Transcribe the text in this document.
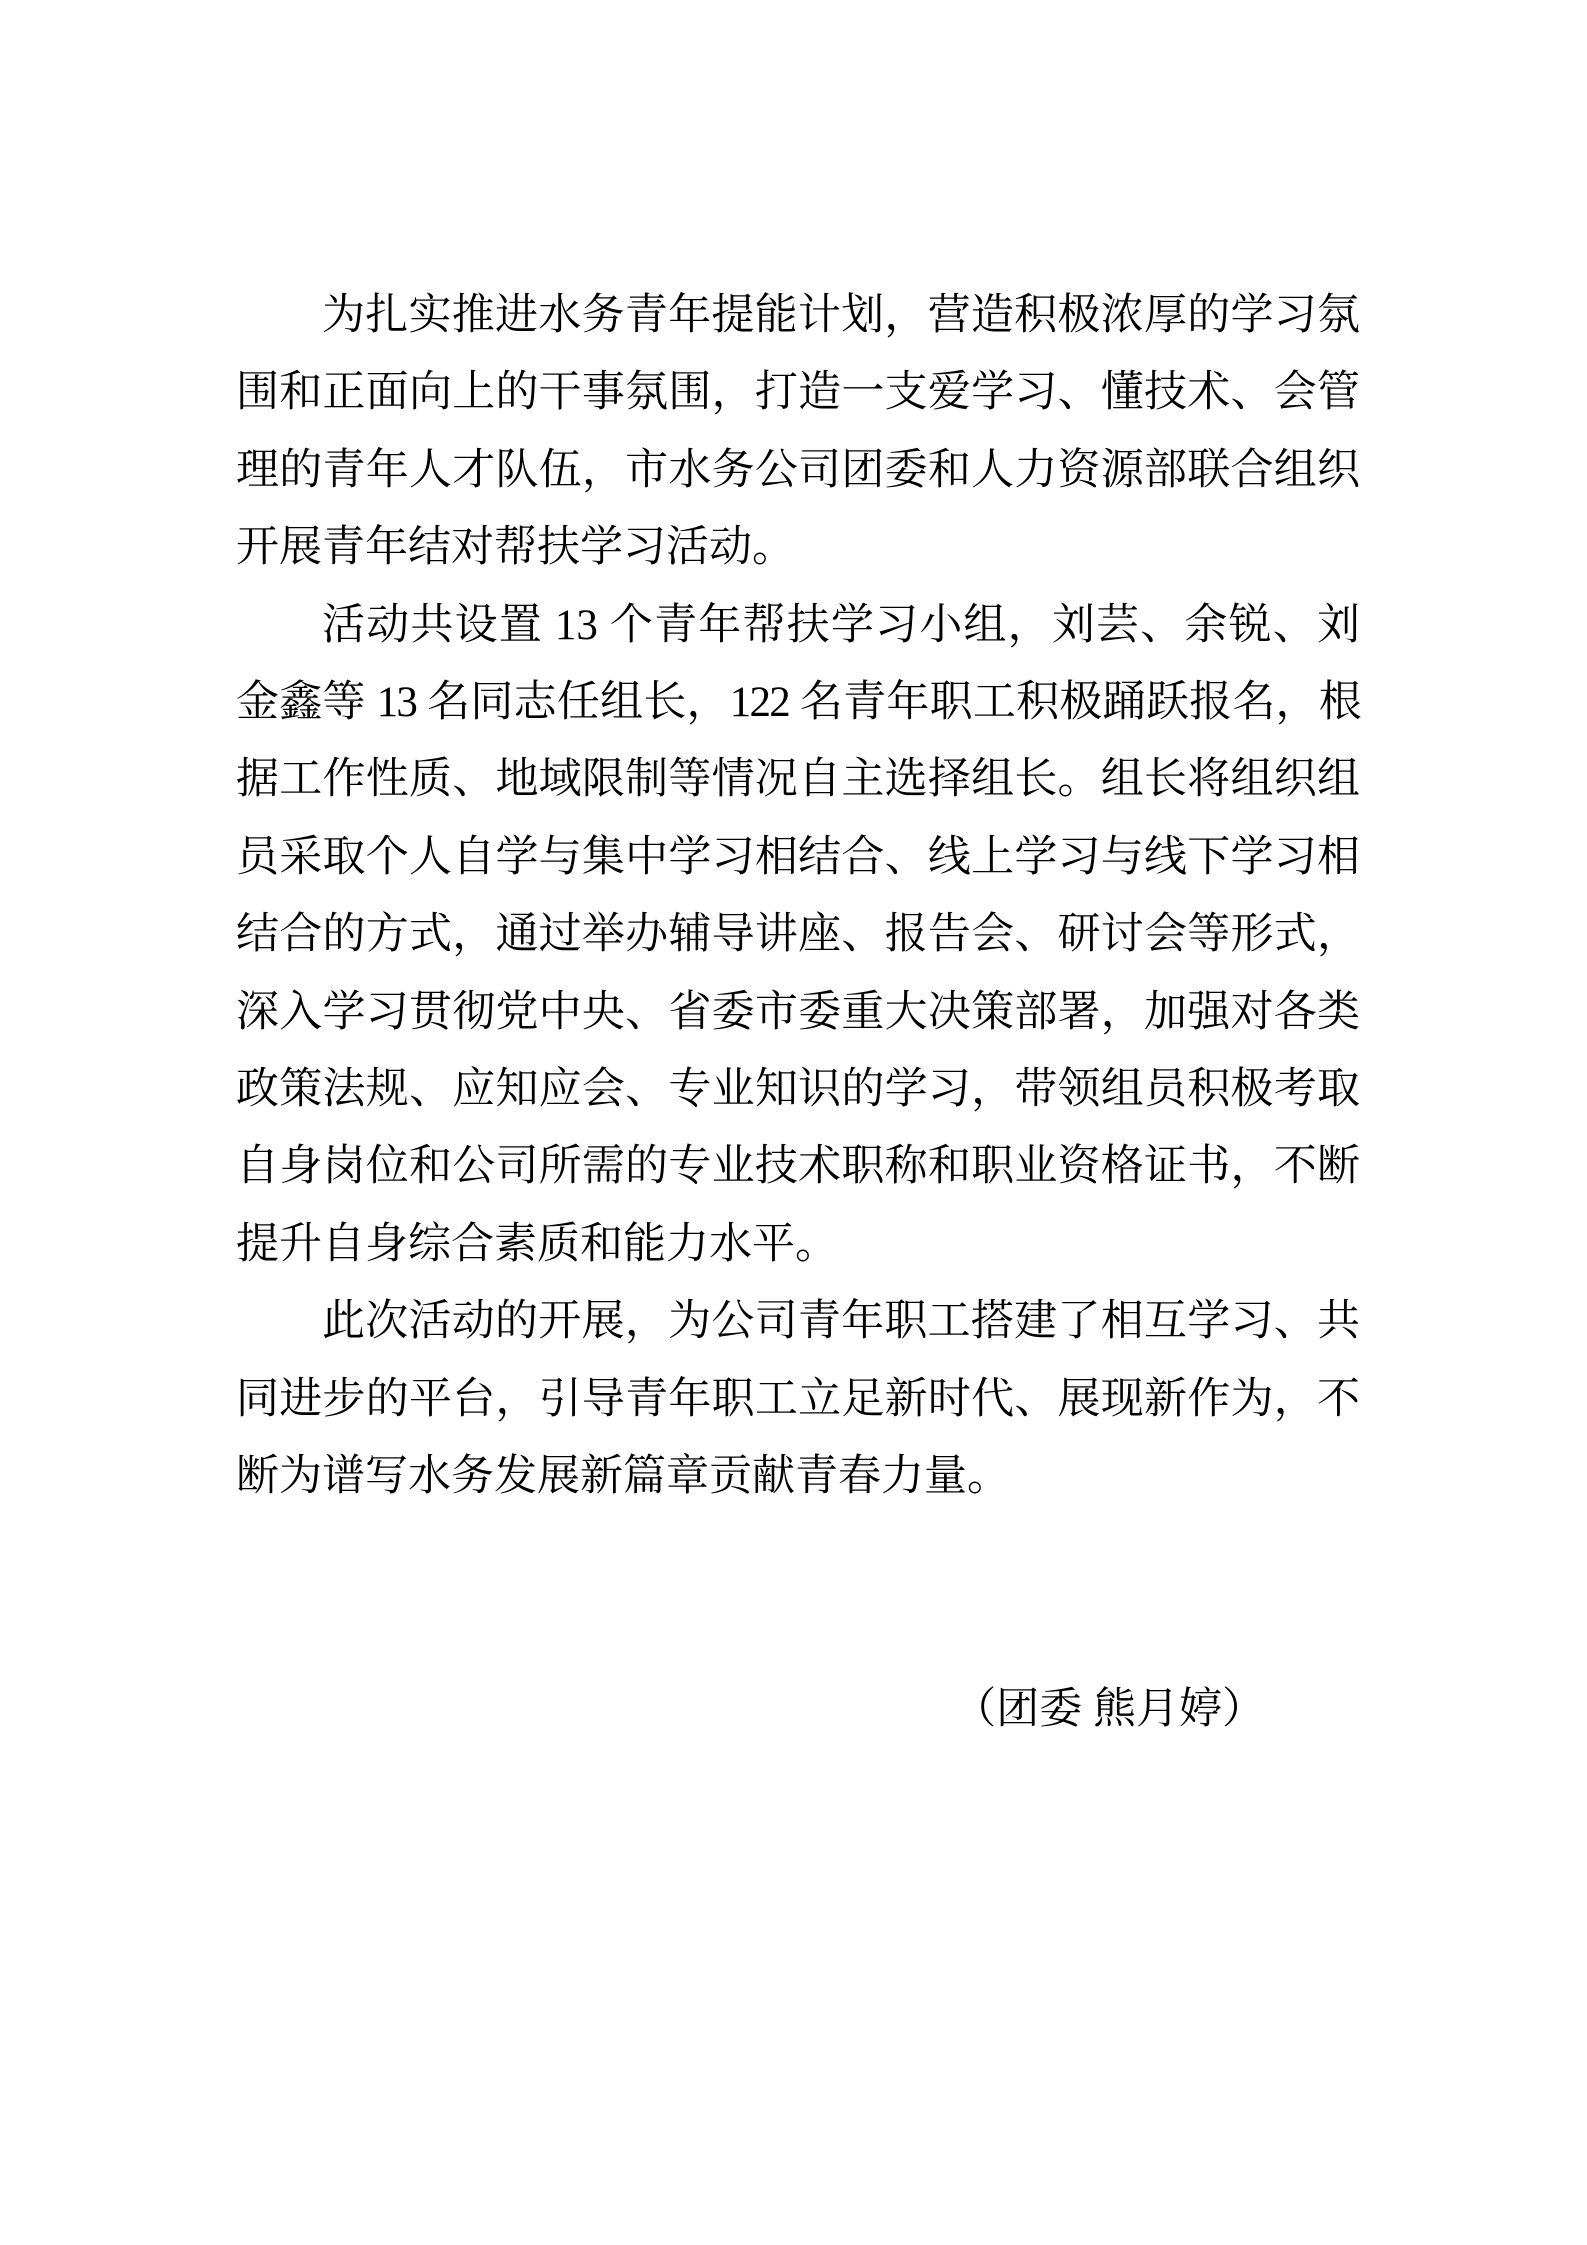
为扎实推进水务青年提能计划，营造积极浓厚的学习氛
围和正面向上的干事氛围，打造一支爱学习、懂技术、会管
理的青年人才队伍，市水务公司团委和人力资源部联合组织
开展青年结对帮扶学习活动。
活动共设置 13 个青年帮扶学习小组，刘芸、余锐、刘
金鑫等 13 名同志任组长，122 名青年职工积极踊跃报名，根
据工作性质、地域限制等情况自主选择组长。组长将组织组
员采取个人自学与集中学习相结合、线上学习与线下学习相
结合的方式，通过举办辅导讲座、报告会、研讨会等形式，
深入学习贯彻党中央、省委市委重大决策部署，加强对各类
政策法规、应知应会、专业知识的学习，带领组员积极考取
自身岗位和公司所需的专业技术职称和职业资格证书，不断
提升自身综合素质和能力水平。
此次活动的开展，为公司青年职工搭建了相互学习、共
同进步的平台，引导青年职工立足新时代、展现新作为，不
断为谱写水务发展新篇章贡献青春力量。
（团委 熊月婷）
